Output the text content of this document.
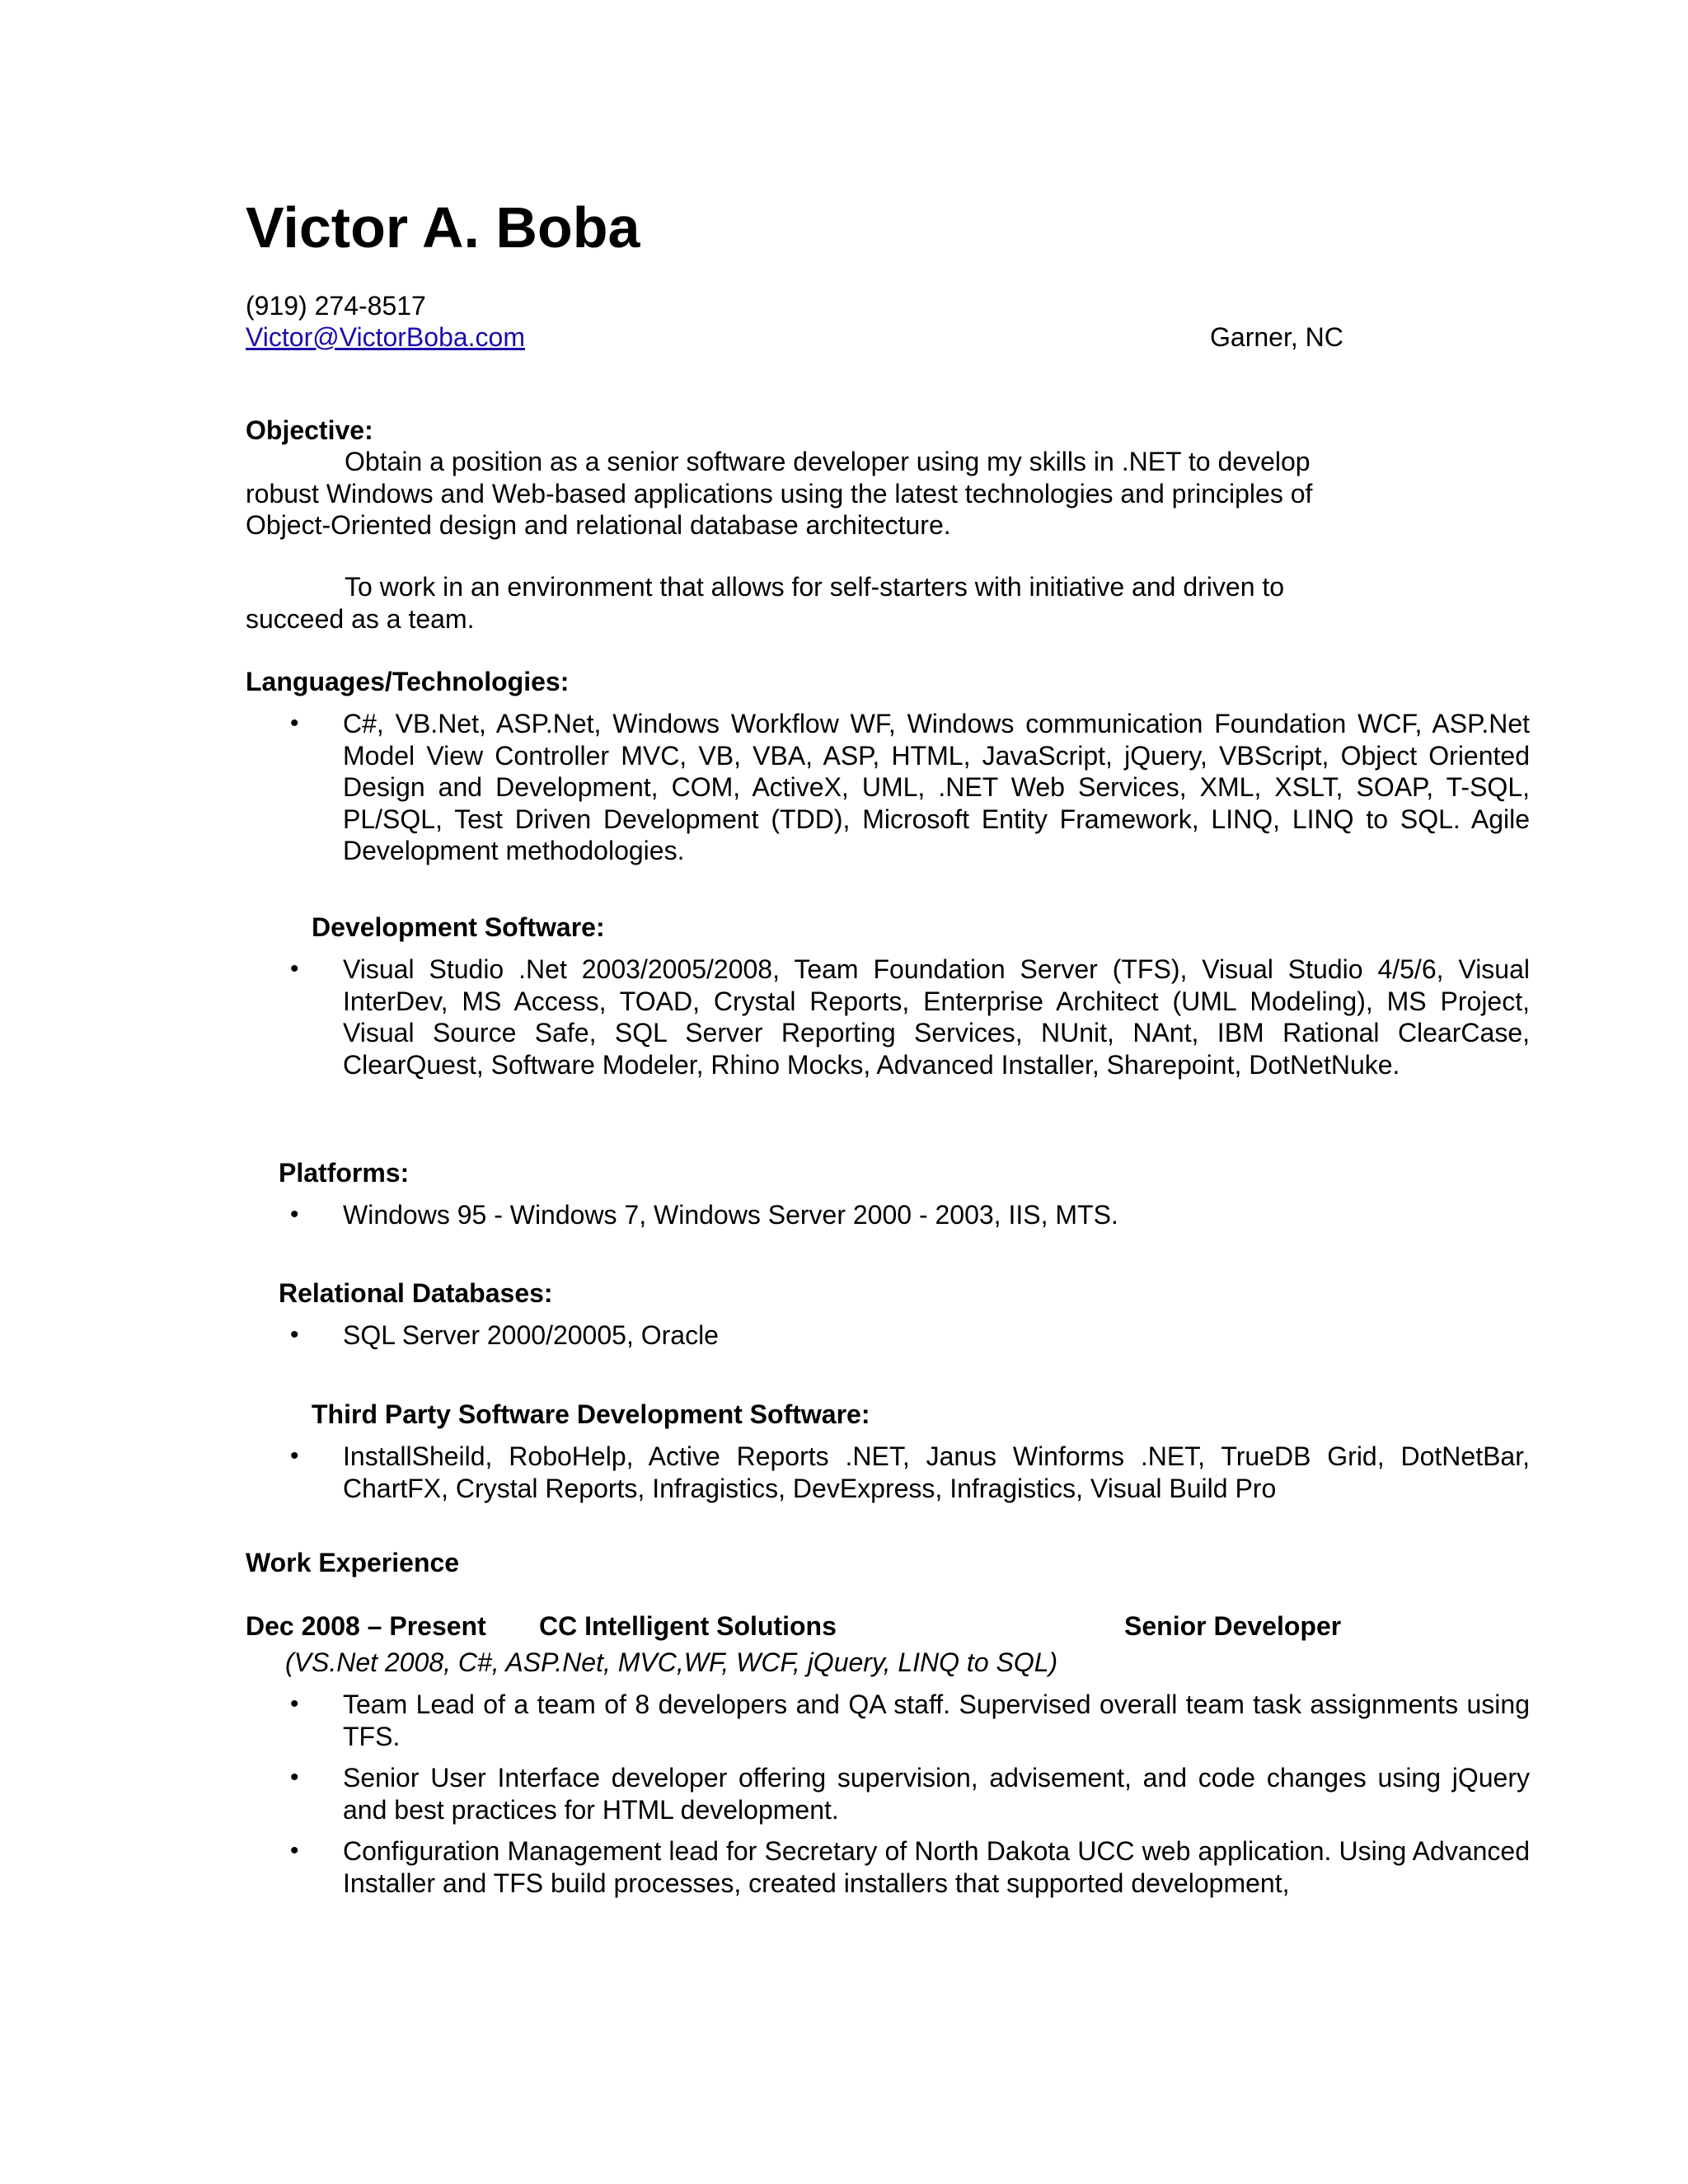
Victor A. Boba
(919) 274-8517
Victor@VictorBoba.com	Garner, NC
Objective:
Obtain a position as a senior software developer using my skills in .NET to develop robust Windows and Web-based applications using the latest technologies and principles of Object-Oriented design and relational database architecture.
To work in an environment that allows for self-starters with initiative and driven to succeed as a team.
Languages/Technologies:
• C#, VB.Net, ASP.Net, Windows Workflow WF, Windows communication Foundation WCF, ASP.Net Model View Controller MVC, VB, VBA, ASP, HTML, JavaScript, jQuery, VBScript, Object Oriented Design and Development, COM, ActiveX, UML, .NET Web Services, XML, XSLT, SOAP, T-SQL, PL/SQL, Test Driven Development (TDD), Microsoft Entity Framework, LINQ, LINQ to SQL. Agile Development methodologies.
Development Software:
• Visual Studio .Net 2003/2005/2008, Team Foundation Server (TFS), Visual Studio 4/5/6, Visual InterDev, MS Access, TOAD, Crystal Reports, Enterprise Architect (UML Modeling), MS Project, Visual Source Safe, SQL Server Reporting Services, NUnit, NAnt, IBM Rational ClearCase, ClearQuest, Software Modeler, Rhino Mocks, Advanced Installer, Sharepoint, DotNetNuke.
Platforms:
• Windows 95 - Windows 7, Windows Server 2000 - 2003, IIS, MTS.
Relational Databases:
• SQL Server 2000/20005, Oracle
Third Party Software Development Software:
• InstallSheild, RoboHelp, Active Reports .NET, Janus Winforms .NET, TrueDB Grid, DotNetBar, ChartFX, Crystal Reports, Infragistics, DevExpress, Infragistics, Visual Build Pro
Work Experience
Dec 2008 – Present CC Intelligent Solutions	Senior Developer
(VS.Net 2008, C#, ASP.Net, MVC,WF, WCF, jQuery, LINQ to SQL)
• Team Lead of a team of 8 developers and QA staff. Supervised overall team task assignments using TFS.
• Senior User Interface developer offering supervision, advisement, and code changes using jQuery and best practices for HTML development.
• Configuration Management lead for Secretary of North Dakota UCC web application. Using Advanced Installer and TFS build processes, created installers that supported development,
